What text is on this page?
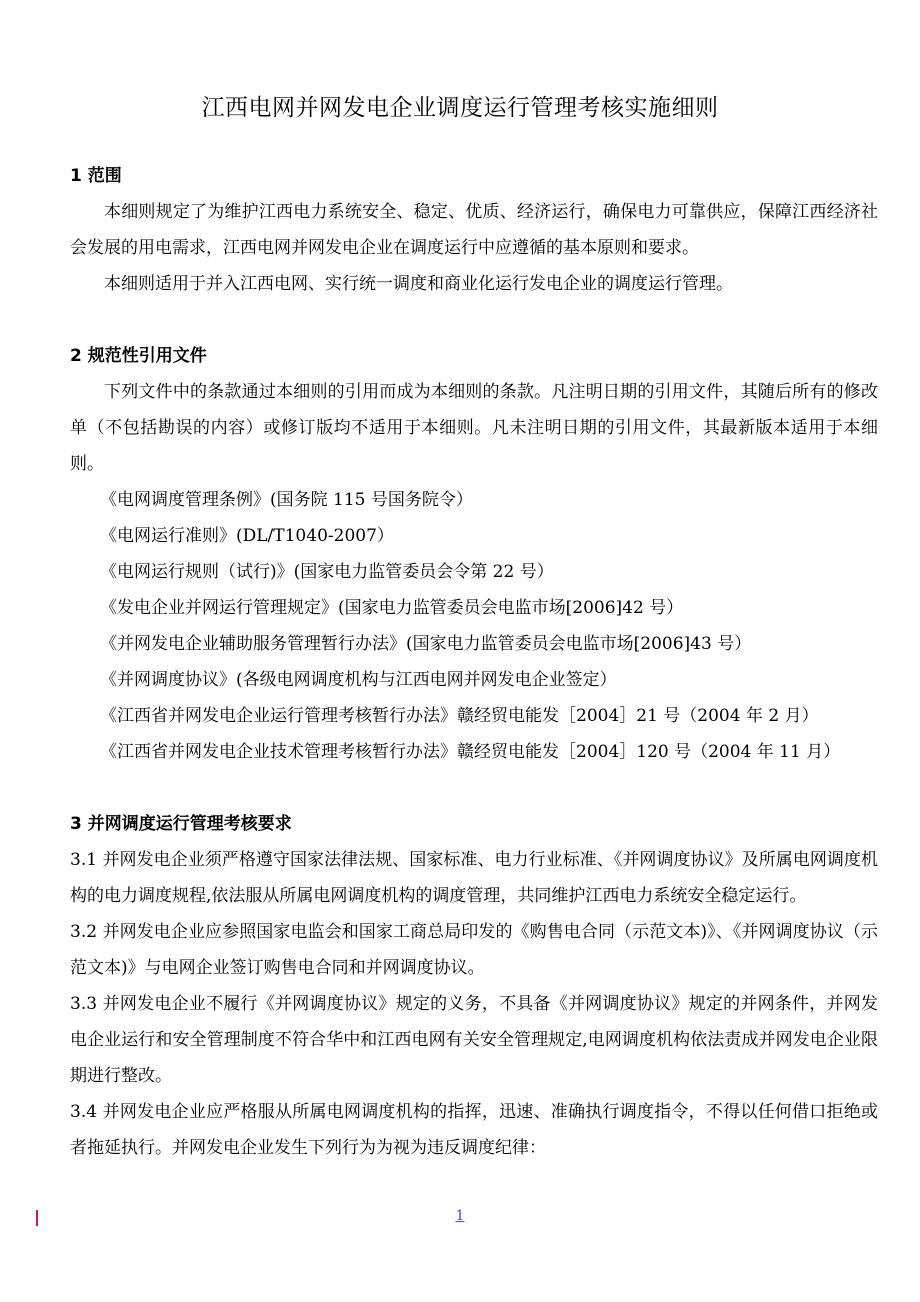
江西电网并网发电企业调度运行管理考核实施细则

1 范围

本细则规定了为维护江西电力系统安全、稳定、优质、经济运行，确保电力可靠供应，保障江西经济社会发展的用电需求，江西电网并网发电企业在调度运行中应遵循的基本原则和要求。

本细则适用于并入江西电网、实行统一调度和商业化运行发电企业的调度运行管理。

2 规范性引用文件

下列文件中的条款通过本细则的引用而成为本细则的条款。凡注明日期的引用文件，其随后所有的修改单（不包括勘误的内容）或修订版均不适用于本细则。凡未注明日期的引用文件，其最新版本适用于本细则。

《电网调度管理条例》(国务院 115 号国务院令）

《电网运行准则》(DL/T1040-2007）

《电网运行规则（试行)》(国家电力监管委员会令第 22 号）

《发电企业并网运行管理规定》(国家电力监管委员会电监市场[2006]42 号）

《并网发电企业辅助服务管理暂行办法》(国家电力监管委员会电监市场[2006]43 号）

《并网调度协议》(各级电网调度机构与江西电网并网发电企业签定）

《江西省并网发电企业运行管理考核暂行办法》赣经贸电能发［2004］21 号（2004 年 2 月）

《江西省并网发电企业技术管理考核暂行办法》赣经贸电能发［2004］120 号（2004 年 11 月）

3 并网调度运行管理考核要求

3.1 并网发电企业须严格遵守国家法律法规、国家标准、电力行业标准、《并网调度协议》及所属电网调度机构的电力调度规程,依法服从所属电网调度机构的调度管理，共同维护江西电力系统安全稳定运行。

3.2 并网发电企业应参照国家电监会和国家工商总局印发的《购售电合同（示范文本)》、《并网调度协议（示范文本)》与电网企业签订购售电合同和并网调度协议。

3.3 并网发电企业不履行《并网调度协议》规定的义务，不具备《并网调度协议》规定的并网条件，并网发电企业运行和安全管理制度不符合华中和江西电网有关安全管理规定,电网调度机构依法责成并网发电企业限期进行整改。

3.4 并网发电企业应严格服从所属电网调度机构的指挥，迅速、准确执行调度指令，不得以任何借口拒绝或者拖延执行。并网发电企业发生下列行为为视为违反调度纪律：

1
